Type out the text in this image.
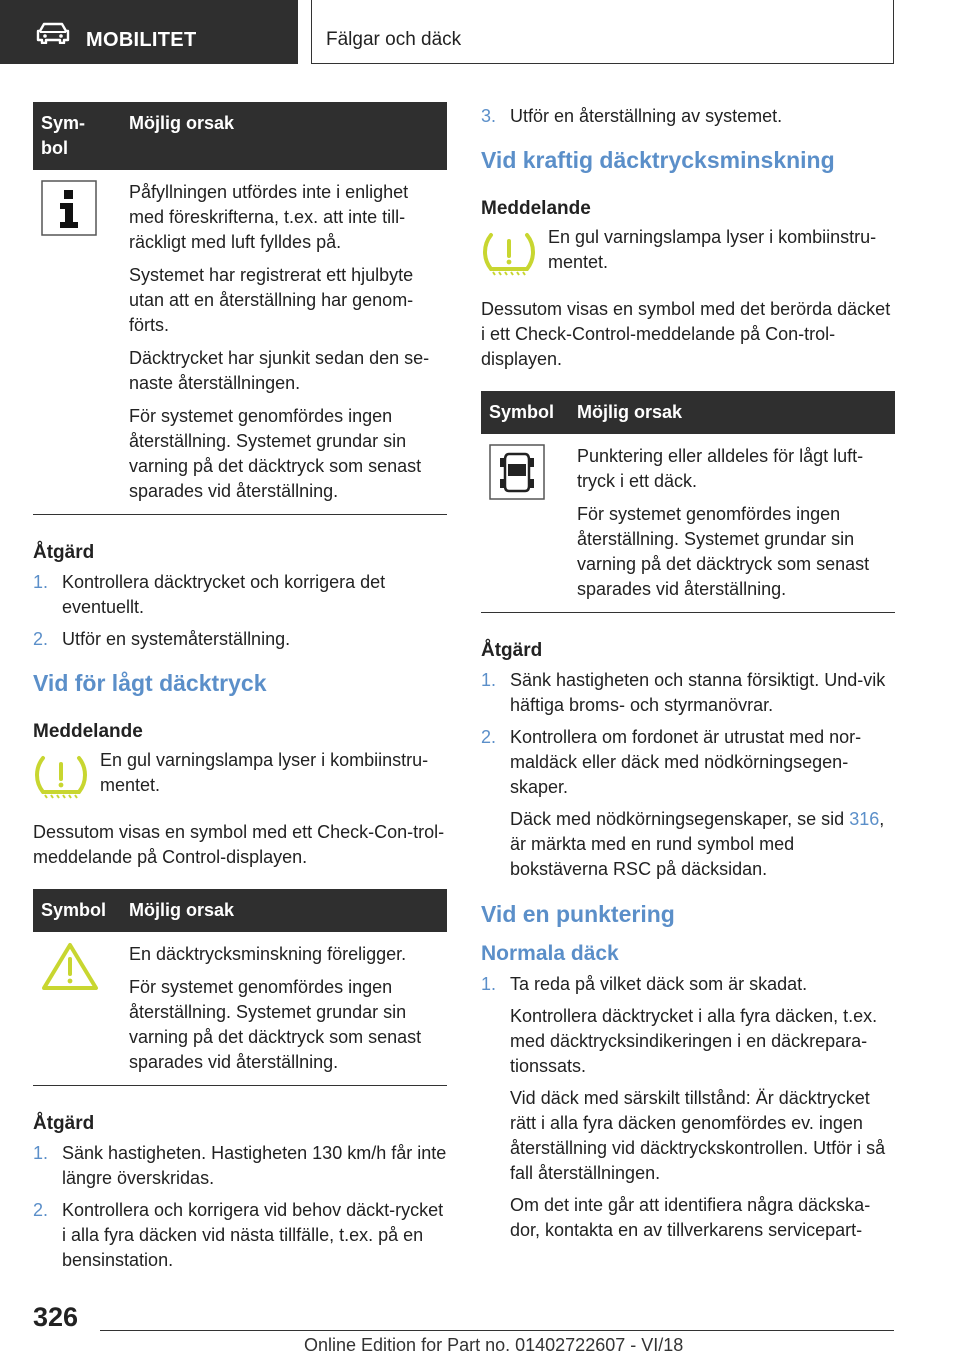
MOBILITET	Fälgar och däck
Sym-
bol	Möjlig orsak

Påfyllningen utfördes inte i enlighet med föreskrifterna, t.ex. att inte till-räckligt med luft fylldes på.

Systemet har registrerat ett hjulbyte utan att en återställning har genom-förts.

Däcktrycket har sjunkit sedan den se-naste återställningen.

För systemet genomfördes ingen återställning. Systemet grundar sin varning på det däcktryck som senast sparades vid återställning.

Åtgärd
1. Kontrollera däcktrycket och korrigera det eventuellt.
2. Utför en systemåterställning.
Vid för lågt däcktryck
Meddelande
En gul varningslampa lyser i kombiinstru-mentet.
Dessutom visas en symbol med ett Check-Con-trol-meddelande på Control-displayen.
Symbol	Möjlig orsak

En däcktrycksminskning föreligger.

För systemet genomfördes ingen återställning. Systemet grundar sin varning på det däcktryck som senast sparades vid återställning.

Åtgärd
1. Sänk hastigheten. Hastigheten 130 km/h får inte längre överskridas.
2. Kontrollera och korrigera vid behov däckt-rycket i alla fyra däcken vid nästa tillfälle, t.ex. på en bensinstation.
3. Utför en återställning av systemet.
Vid kraftig däcktrycksminskning
Meddelande
En gul varningslampa lyser i kombiinstru-mentet.
Dessutom visas en symbol med det berörda däcket i ett Check-Control-meddelande på Con-trol-displayen.
Symbol	Möjlig orsak

Punktering eller alldeles för lågt luft-tryck i ett däck.

För systemet genomfördes ingen återställning. Systemet grundar sin varning på det däcktryck som senast sparades vid återställning.

Åtgärd
1. Sänk hastigheten och stanna försiktigt. Und-vik häftiga broms- och styrmanövrar.
2. Kontrollera om fordonet är utrustat med nor-maldäck eller däck med nödkörningsegen-skaper.

Däck med nödkörningsegenskaper, se sid 316, är märkta med en rund symbol med bokstäverna RSC på däcksidan.

Vid en punktering
Normala däck
1. Ta reda på vilket däck som är skadat.

Kontrollera däcktrycket i alla fyra däcken, t.ex. med däcktrycksindikeringen i en däckrepara-tionssats.

Vid däck med särskilt tillstånd: Är däcktrycket rätt i alla fyra däcken genomfördes ev. ingen återställning vid däcktryckskontrollen. Utför i så fall återställningen.

Om det inte går att identifiera några däckska-dor, kontakta en av tillverkarens servicepart-

326
Online Edition for Part no. 01402722607 - VI/18
